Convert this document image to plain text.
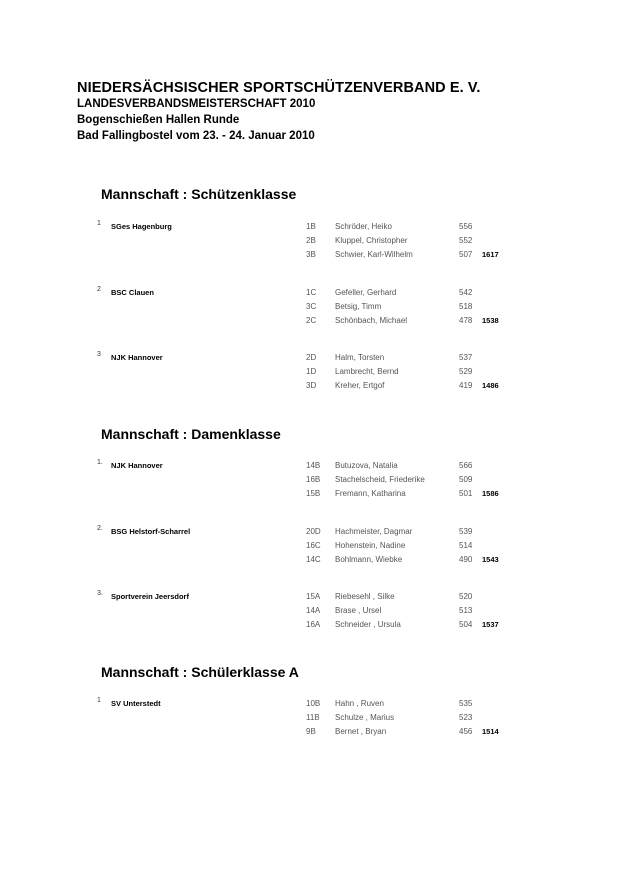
NIEDERSÄCHSISCHER SPORTSCHÜTZENVERBAND E. V.
LANDESVERBANDSMEISTERSCHAFT 2010
Bogenschießen Hallen Runde
Bad Fallingbostel vom 23. - 24. Januar 2010
Mannschaft : Schützenklasse
1 SGes Hagenburg	1B Schröder, Heiko	556
2B Kluppel, Christopher	552
3B Schwier, Karl-Wilhelm	507 1617
2 BSC Clauen	1C Gefeller, Gerhard	542
3C Betsig, Timm	518
2C Schönbach, Michael	478 1538
3 NJK Hannover	2D Halm, Torsten	537
1D Lambrecht, Bernd	529
3D Kreher, Ertgof	419 1486
Mannschaft : Damenklasse
1. NJK Hannover	14B Butuzova, Natalia	566
16B Stachelscheid, Friederike	509
15B Fremann, Katharina	501 1586
2. BSG Helstorf-Scharrel	20D Hachmeister, Dagmar	539
16C Hohenstein, Nadine	514
14C Bohlmann, Wiebke	490 1543
3. Sportverein Jeersdorf	15A Riebesehl , Silke	520
14A Brase , Ursel	513
16A Schneider , Ursula	504 1537
Mannschaft : Schülerklasse A
1 SV Unterstedt	10B Hahn , Ruven	535
11B Schulze , Marius	523
9B Bernet , Bryan	456 1514
